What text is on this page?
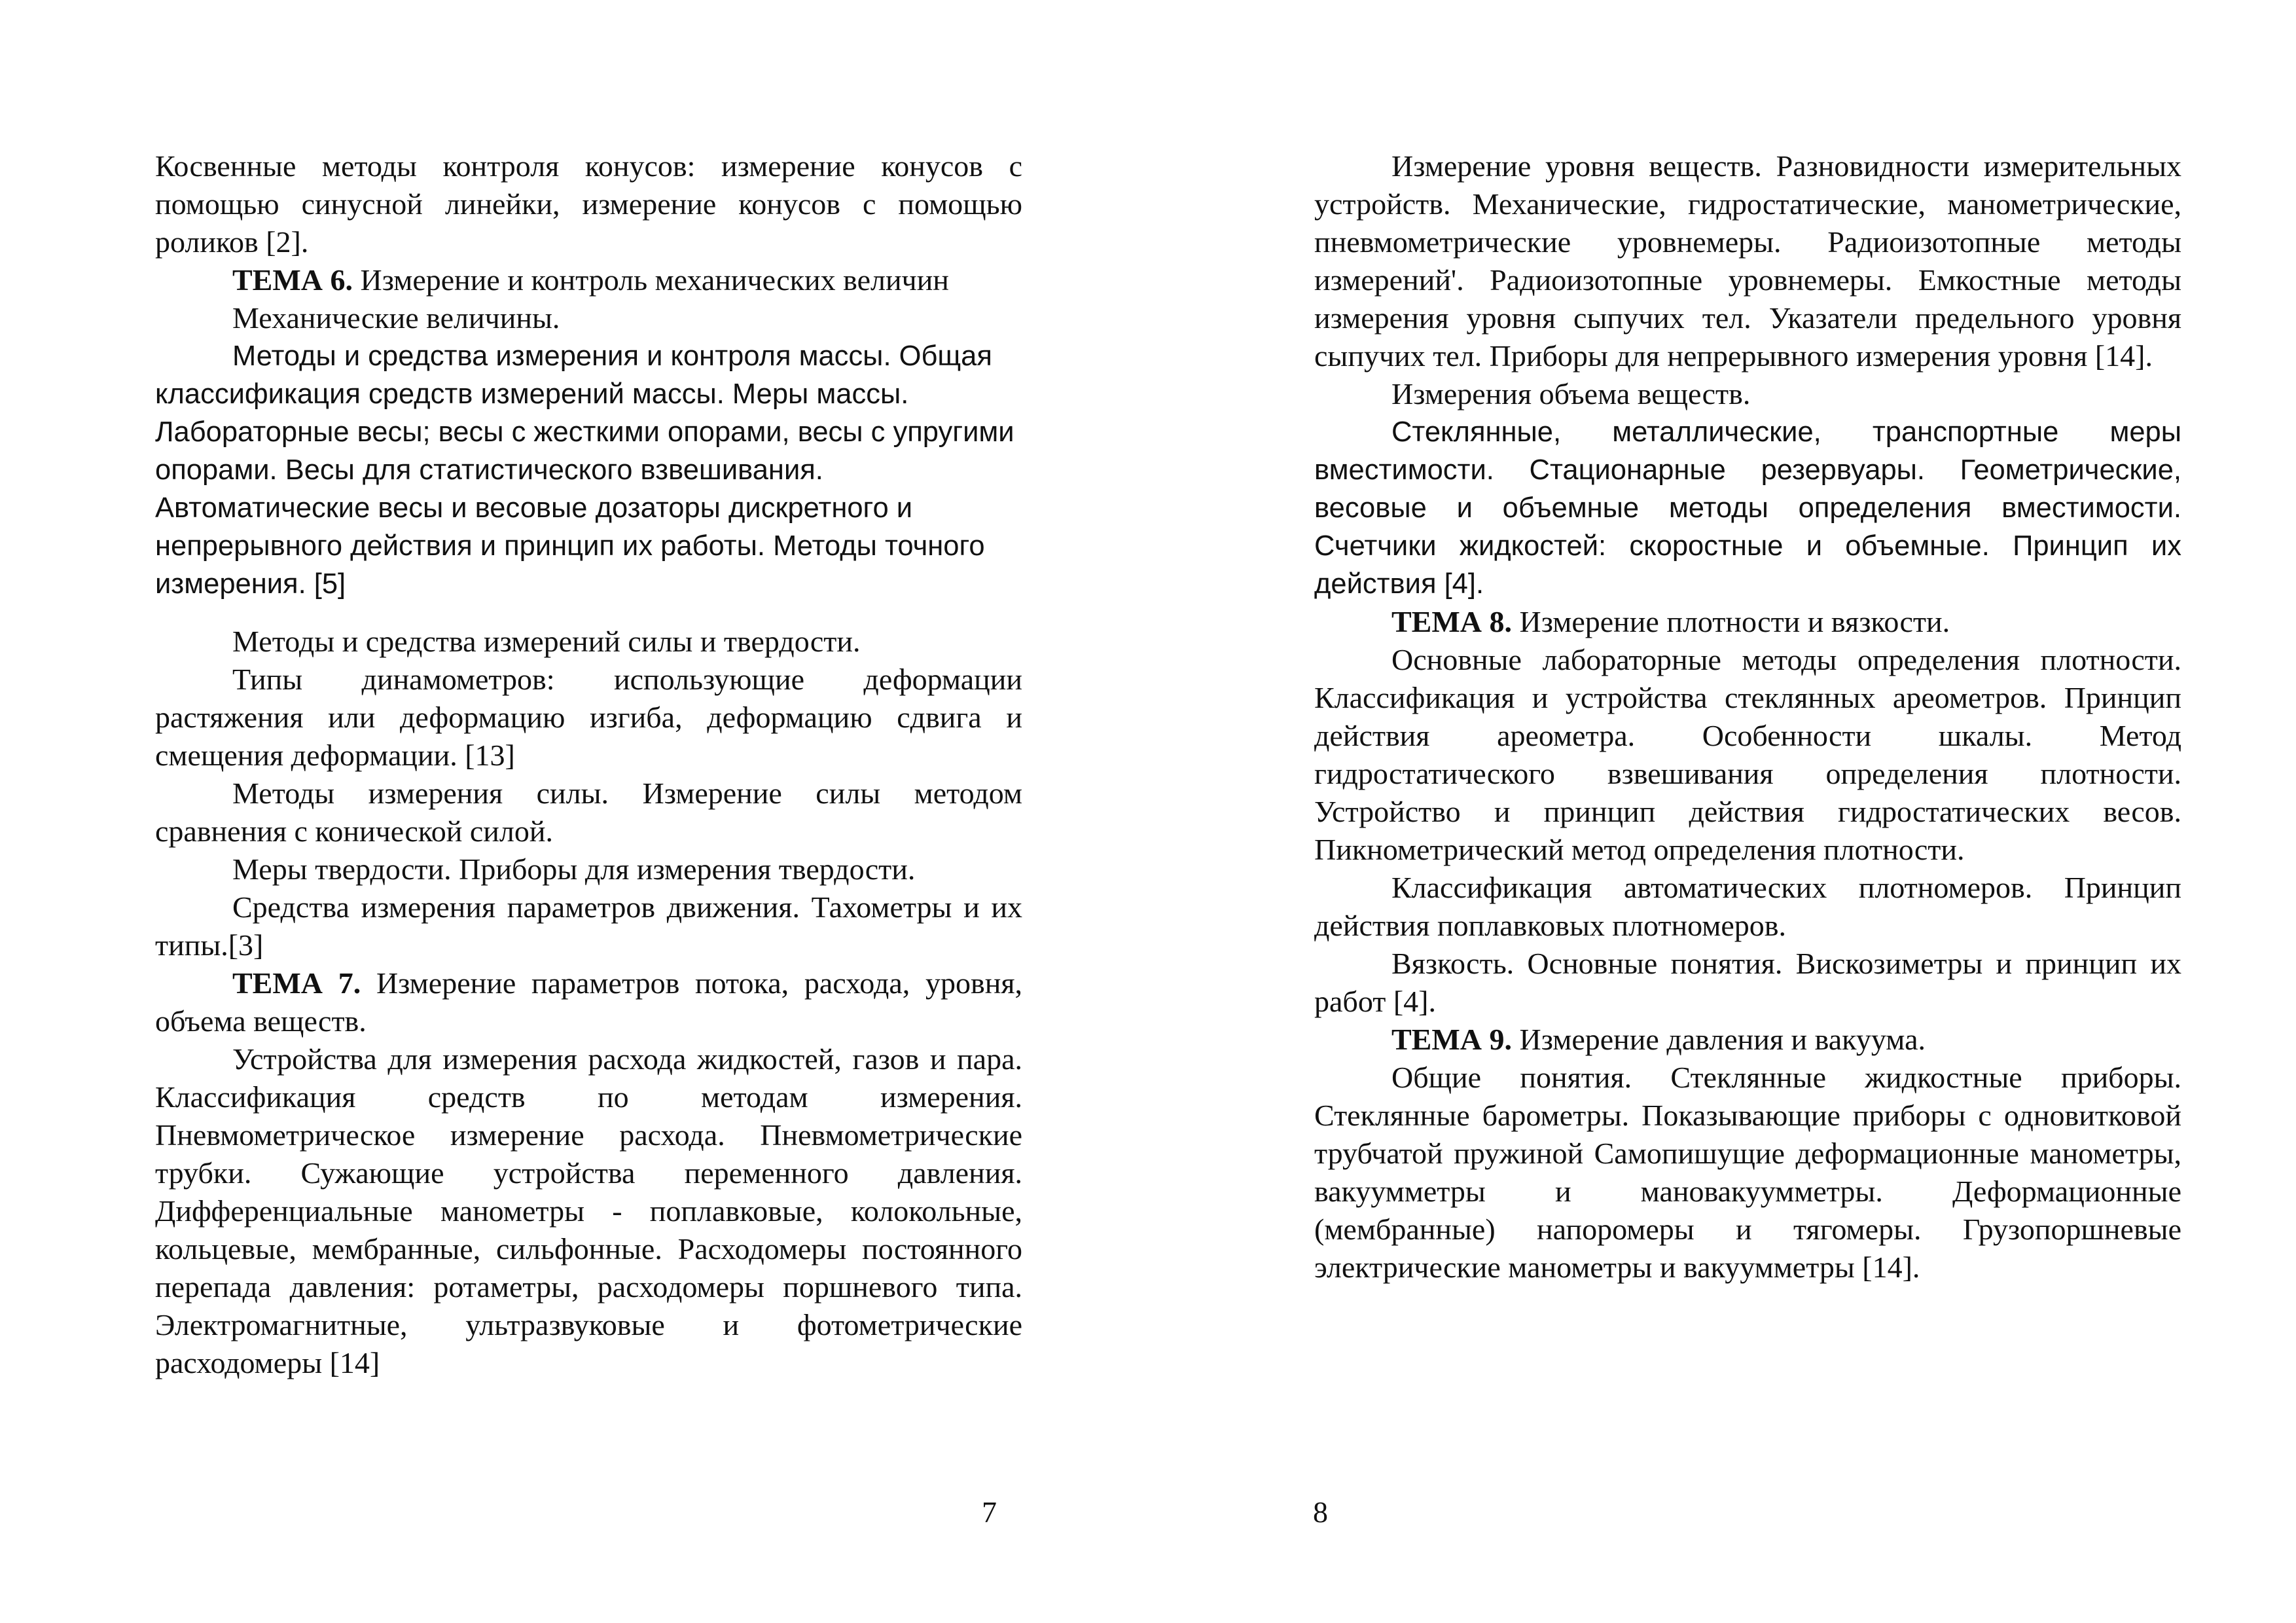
Косвенные методы контроля конусов: измерение конусов с помощью синусной линейки, измерение конусов с помощью роликов [2].

ТЕМА 6. Измерение и контроль механических величин

Механические величины.

Методы и средства измерения и контроля массы. Общая классификация средств измерений массы. Меры массы. Лабораторные весы; весы с жесткими опорами, весы с упругими опорами. Весы для статистического взвешивания. Автоматические весы и весовые дозаторы дискретного и непрерывного действия и принцип их работы. Методы точного измерения. [5]

Методы и средства измерений силы и твердости.

Типы динамометров: использующие деформации растяжения или деформацию изгиба, деформацию сдвига и смещения деформации. [13]

Методы измерения силы. Измерение силы методом сравнения с конической силой.

Меры твердости. Приборы для измерения твердости.

Средства измерения параметров движения. Тахометры и их типы.[3]

ТЕМА 7. Измерение параметров потока, расхода, уровня, объема веществ.

Устройства для измерения расхода жидкостей, газов и пара. Классификация средств по методам измерения. Пневмометрическое измерение расхода. Пневмометрические трубки. Сужающие устройства переменного давления. Дифференциальные манометры - поплавковые, колокольные, кольцевые, мембранные, сильфонные. Расходомеры постоянного перепада давления: ротаметры, расходомеры поршневого типа. Электромагнитные, ультразвуковые и фотометрические расходомеры [14]

Измерение уровня веществ. Разновидности измерительных устройств. Механические, гидростатические, манометрические, пневмометрические уровнемеры. Радиоизотопные методы измерений'. Радиоизотопные уровнемеры. Емкостные методы измерения уровня сыпучих тел. Указатели предельного уровня сыпучих тел. Приборы для непрерывного измерения уровня [14].

Измерения объема веществ.

Стеклянные, металлические, транспортные меры вместимости. Стационарные резервуары. Геометрические, весовые и объемные методы определения вместимости. Счетчики жидкостей: скоростные и объемные. Принцип их действия [4].

ТЕМА 8. Измерение плотности и вязкости.

Основные лабораторные методы определения плотности. Классификация и устройства стеклянных ареометров. Принцип действия ареометра. Особенности шкалы. Метод гидростатического взвешивания определения плотности. Устройство и принцип действия гидростатических весов. Пикнометрический метод определения плотности.

Классификация автоматических плотномеров. Принцип действия поплавковых плотномеров.

Вязкость. Основные понятия. Вискозиметры и принцип их работ [4].

ТЕМА 9. Измерение давления и вакуума.

Общие понятия. Стеклянные жидкостные приборы. Стеклянные барометры. Показывающие приборы с одновитковой трубчатой пружиной Самопишущие деформационные манометры, вакуумметры и мановакуумметры. Деформационные (мембранные) напоромеры и тягомеры. Грузопоршневые электрические манометры и вакуумметры [14].

7	8
